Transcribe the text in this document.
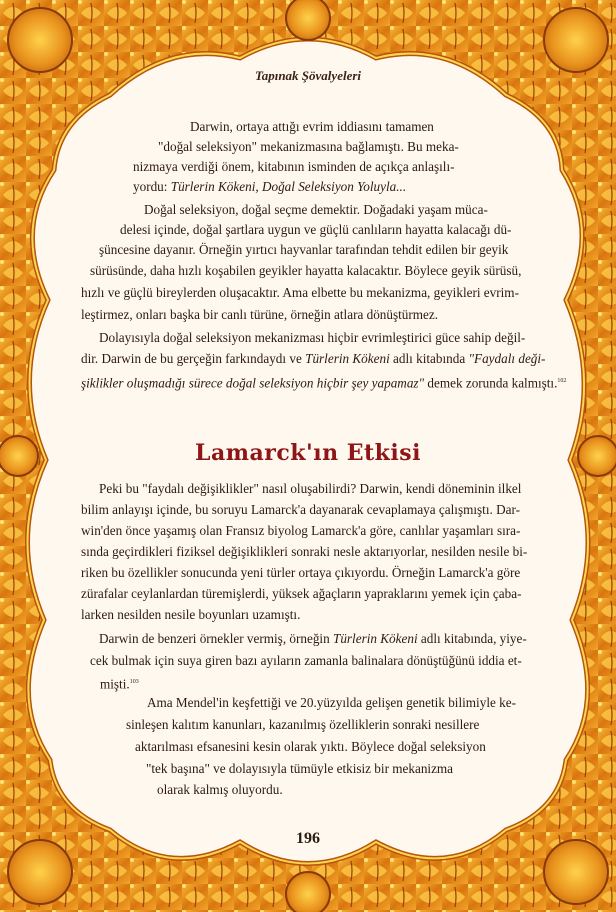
Tapınak Şövalyeleri
Darwin, ortaya attığı evrim iddiasını tamamen
"doğal seleksiyon" mekanizmasına bağlamıştı. Bu meka-
nizmaya verdiği önem, kitabının isminden de açıkça anlaşılı-
yordu: Türlerin Kökeni, Doğal Seleksiyon Yoluyla...
Doğal seleksiyon, doğal seçme demektir. Doğadaki yaşam müca-
delesi içinde, doğal şartlara uygun ve güçlü canlıların hayatta kalacağı dü-
şüncesine dayanır. Örneğin yırtıcı hayvanlar tarafından tehdit edilen bir geyik
sürüsünde, daha hızlı koşabilen geyikler hayatta kalacaktır. Böylece geyik sürüsü,
hızlı ve güçlü bireylerden oluşacaktır. Ama elbette bu mekanizma, geyikleri evrim-
leştirmez, onları başka bir canlı türüne, örneğin atlara dönüştürmez.
Dolayısıyla doğal seleksiyon mekanizması hiçbir evrimleştirici güce sahip değil-
dir. Darwin de bu gerçeğin farkındaydı ve Türlerin Kökeni adlı kitabında "Faydalı deği-
şiklikler oluşmadığı sürece doğal seleksiyon hiçbir şey yapamaz" demek zorunda kalmıştı.$^{102}$
Lamarck'ın Etkisi
Peki bu "faydalı değişiklikler" nasıl oluşabilirdi? Darwin, kendi döneminin ilkel
bilim anlayışı içinde, bu soruyu Lamarck'a dayanarak cevaplamaya çalışmıştı. Dar-
win'den önce yaşamış olan Fransız biyolog Lamarck'a göre, canlılar yaşamları sıra-
sında geçirdikleri fiziksel değişiklikleri sonraki nesle aktarıyorlar, nesilden nesile bi-
riken bu özellikler sonucunda yeni türler ortaya çıkıyordu. Örneğin Lamarck'a göre
zürafalar ceylanlardan türemişlerdi, yüksek ağaçların yapraklarını yemek için çaba-
larken nesilden nesile boyunları uzamıştı.
Darwin de benzeri örnekler vermiş, örneğin Türlerin Kökeni adlı kitabında, yiye-
cek bulmak için suya giren bazı ayıların zamanla balinalara dönüştüğünü iddia et-
mişti.$^{103}$
Ama Mendel'in keşfettiği ve 20.yüzyılda gelişen genetik bilimiyle ke-
sinleşen kalıtım kanunları, kazanılmış özelliklerin sonraki nesillere
aktarılması efsanesini kesin olarak yıktı. Böylece doğal seleksiyon
"tek başına" ve dolayısıyla tümüyle etkisiz bir mekanizma
olarak kalmış oluyordu.
196
